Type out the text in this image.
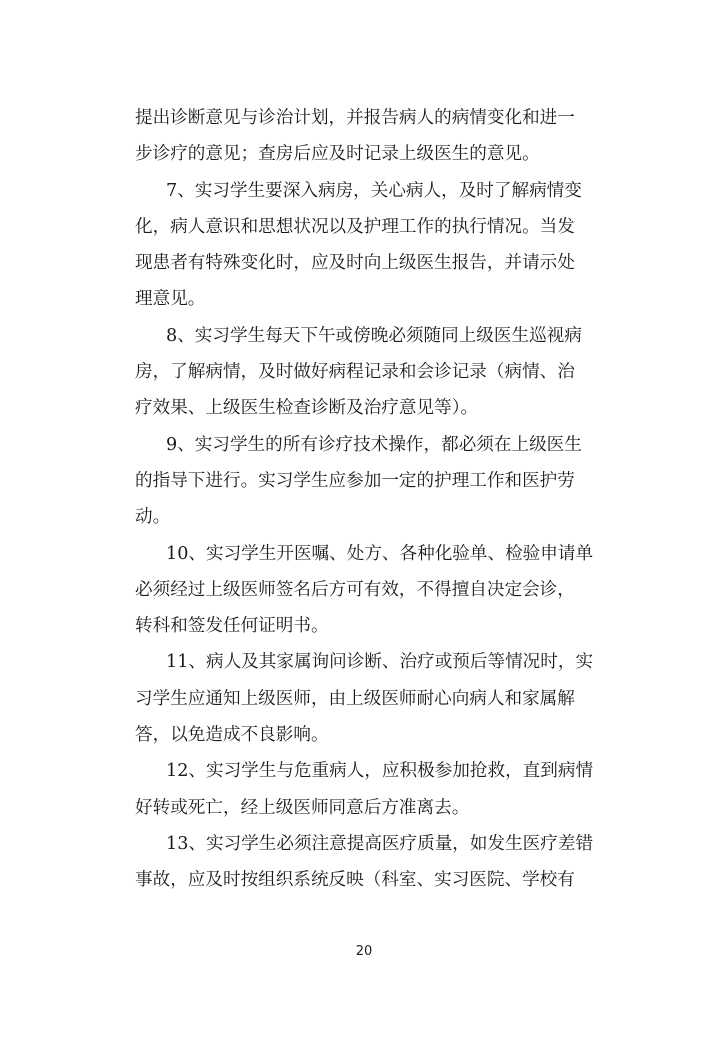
提出诊断意见与诊治计划，并报告病人的病情变化和进一
步诊疗的意见；查房后应及时记录上级医生的意见。
7、实习学生要深入病房，关心病人，及时了解病情变
化，病人意识和思想状况以及护理工作的执行情况。当发
现患者有特殊变化时，应及时向上级医生报告，并请示处
理意见。
8、实习学生每天下午或傍晚必须随同上级医生巡视病
房，了解病情，及时做好病程记录和会诊记录（病情、治
疗效果、上级医生检查诊断及治疗意见等）。
9、实习学生的所有诊疗技术操作，都必须在上级医生
的指导下进行。实习学生应参加一定的护理工作和医护劳
动。
10、实习学生开医嘱、处方、各种化验单、检验申请单
必须经过上级医师签名后方可有效，不得擅自决定会诊，
转科和签发任何证明书。
11、病人及其家属询问诊断、治疗或预后等情况时，实
习学生应通知上级医师，由上级医师耐心向病人和家属解
答，以免造成不良影响。
12、实习学生与危重病人，应积极参加抢救，直到病情
好转或死亡，经上级医师同意后方准离去。
13、实习学生必须注意提高医疗质量，如发生医疗差错
事故，应及时按组织系统反映（科室、实习医院、学校有
20
